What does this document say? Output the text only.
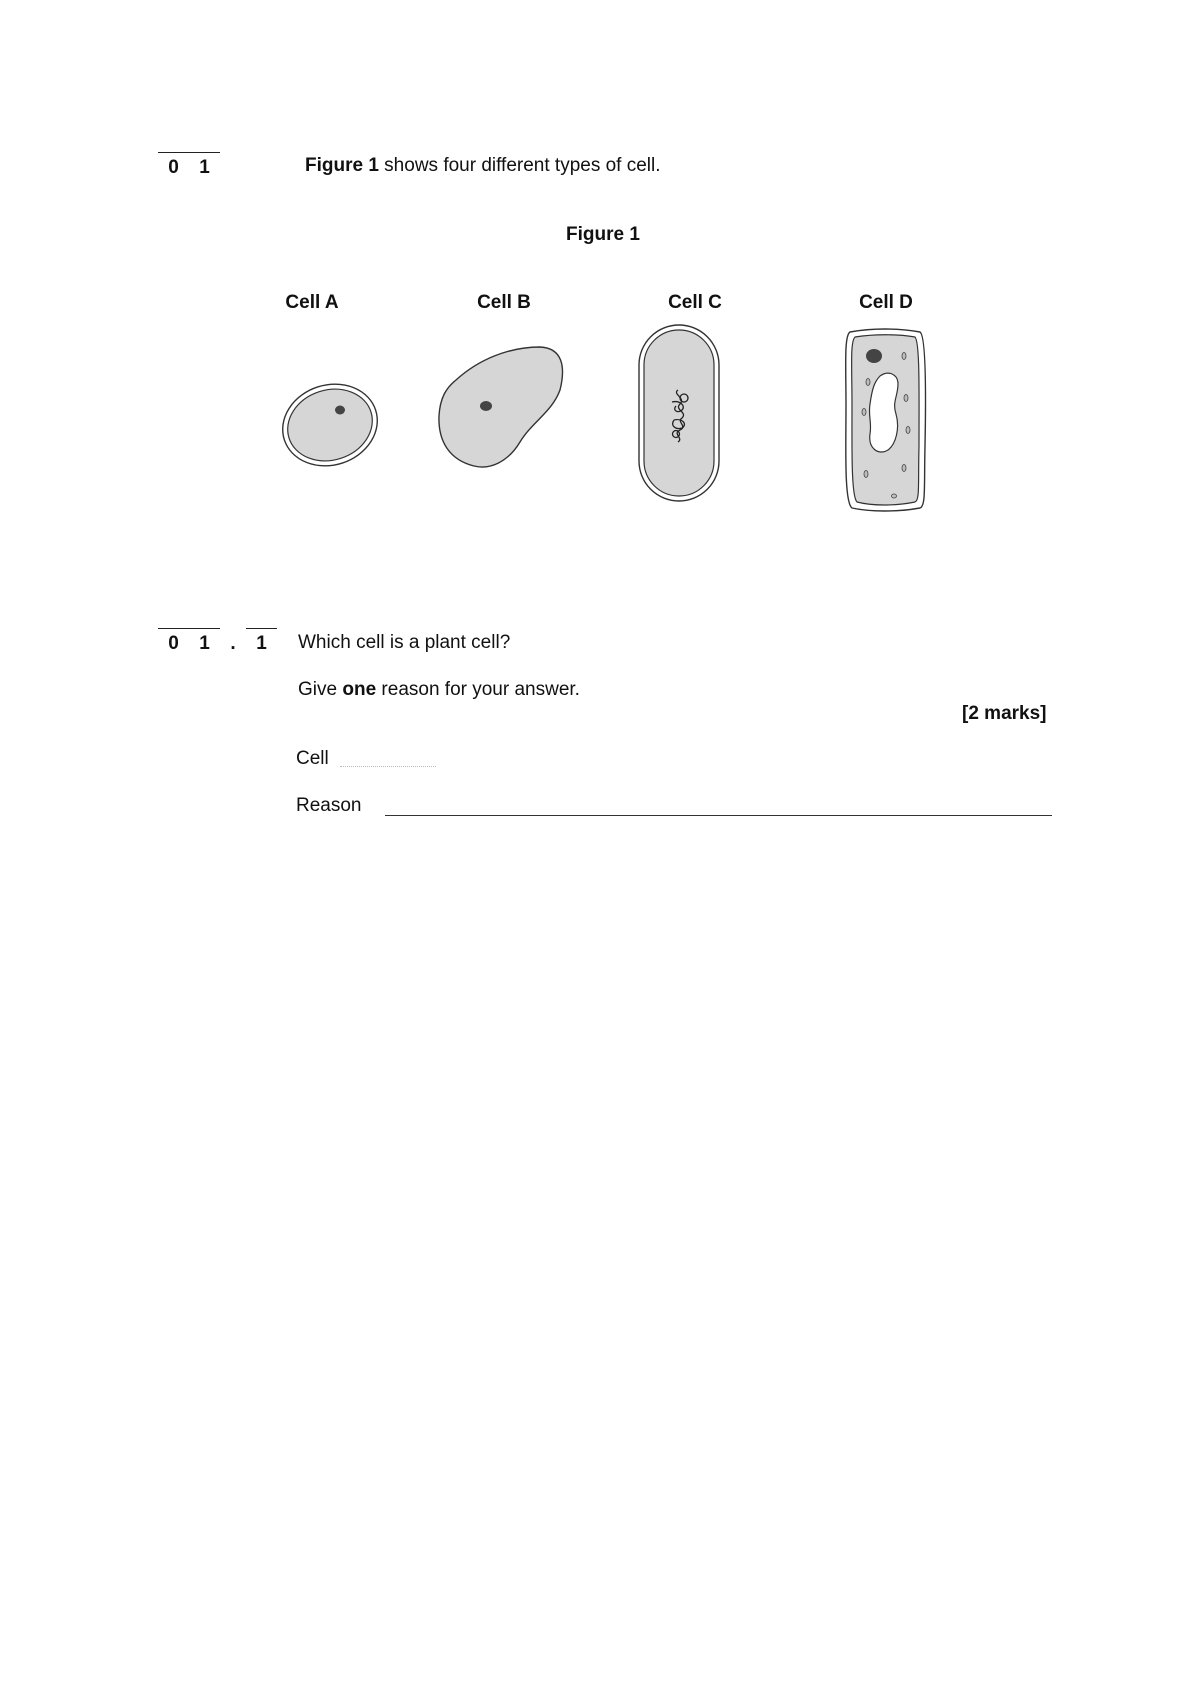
0 1	Figure 1 shows four different types of cell.
Figure 1
Cell A	Cell B	Cell C	Cell D
0 1	.	1	Which cell is a plant cell?
Give one reason for your answer.
[2 marks]
Cell
Reason
